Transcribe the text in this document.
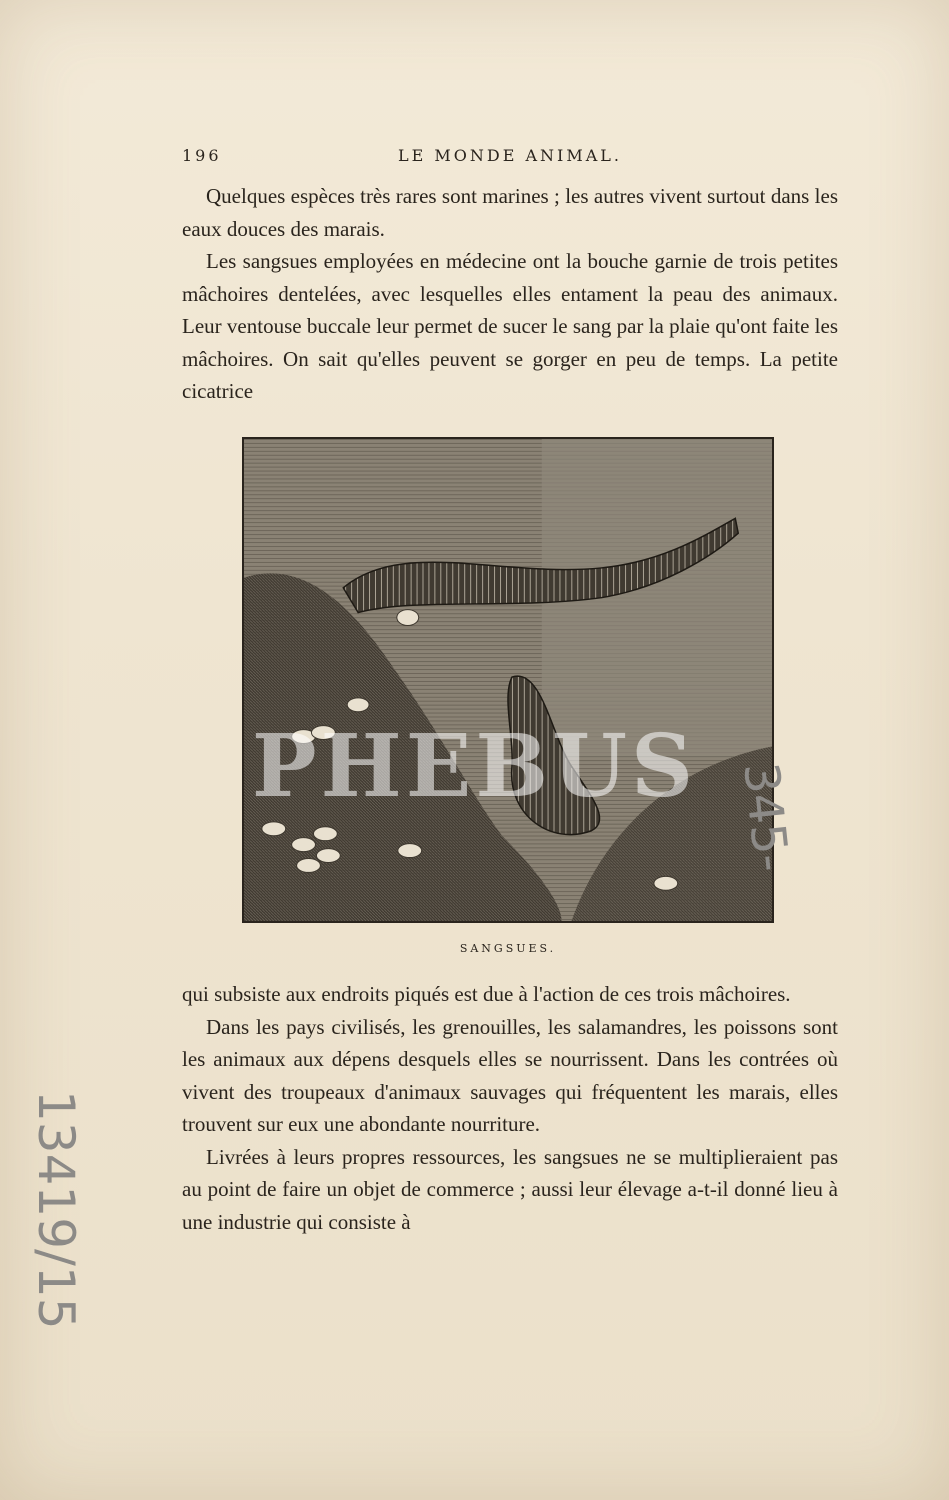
196	LE MONDE ANIMAL.

Quelques espèces très rares sont marines ; les autres vivent surtout dans les eaux douces des marais.

Les sangsues employées en médecine ont la bouche garnie de trois petites mâchoires dentelées, avec lesquelles elles entament la peau des animaux. Leur ventouse buccale leur permet de sucer le sang par la plaie qu'ont faite les mâchoires. On sait qu'elles peuvent se gorger en peu de temps. La petite cicatrice

PHEBUS
SANGSUES.

qui subsiste aux endroits piqués est due à l'action de ces trois mâchoires.

Dans les pays civilisés, les grenouilles, les salamandres, les poissons sont les animaux aux dépens desquels elles se nourrissent. Dans les contrées où vivent des troupeaux d'animaux sauvages qui fréquentent les marais, elles trouvent sur eux une abondante nourriture.

Livrées à leurs propres ressources, les sangsues ne se multiplieraient pas au point de faire un objet de commerce ; aussi leur élevage a-t-il donné lieu à une industrie qui consiste à

345-
13419/15
